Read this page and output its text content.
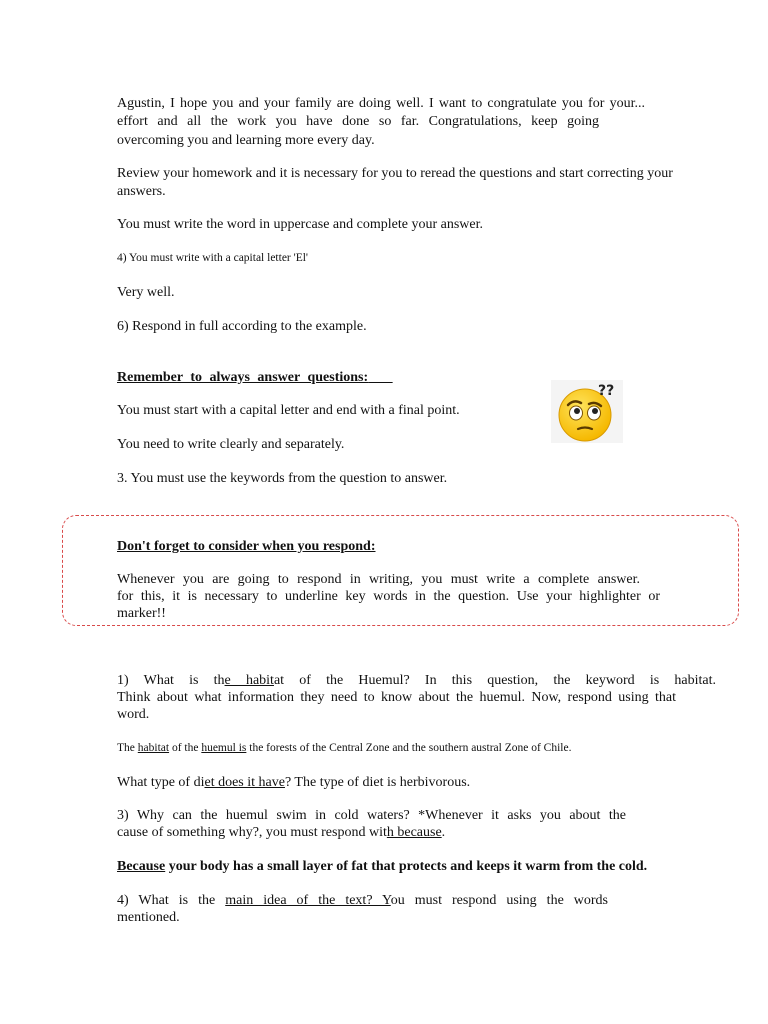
Agustin, I hope you and your family are doing well. I want to congratulate you for your...

effort and all the work you have done so far. Congratulations, keep going

overcoming you and learning more every day.

Review your homework and it is necessary for you to reread the questions and start correcting your

answers.

You must write the word in uppercase and complete your answer.

4) You must write with a capital letter 'El'

Very well.

6) Respond in full according to the example.

Remember to always answer questions:

You must start with a capital letter and end with a final point.

You need to write clearly and separately.

3. You must use the keywords from the question to answer.

??

Don't forget to consider when you respond:

Whenever you are going to respond in writing, you must write a complete answer.

for this, it is necessary to underline key words in the question. Use your highlighter or

marker!!

1) What is the habitat of the Huemul? In this question, the keyword is habitat.

Think about what information they need to know about the huemul. Now, respond using that

word.

The habitat of the huemul is the forests of the Central Zone and the southern austral Zone of Chile.

What type of diet does it have? The type of diet is herbivorous.

3) Why can the huemul swim in cold waters? *Whenever it asks you about the

cause of something why?, you must respond with because.

Because your body has a small layer of fat that protects and keeps it warm from the cold.

4) What is the main idea of the text? You must respond using the words

mentioned.
